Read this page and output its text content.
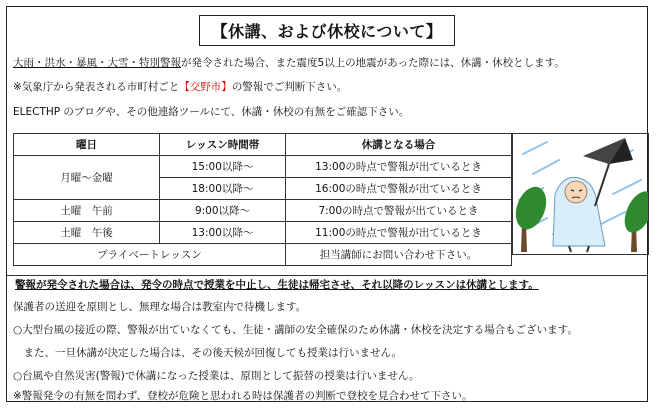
【休講、および休校について】
大雨・洪水・暴風・大雪・特別警報が発令された場合、また震度5以上の地震があった際には、休講・休校とします。
※気象庁から発表される市町村ごと【交野市】の警報でご判断下さい。
ELECTHP のブログや、その他連絡ツールにて、休講・休校の有無をご確認下さい。
曜日	レッスン時間帯	休講となる場合
月曜～金曜	15:00以降～	13:00の時点で警報が出ているとき
	18:00以降～	16:00の時点で警報が出ているとき
土曜　午前	9:00以降～	7:00の時点で警報が出ているとき
土曜　午後	13:00以降～	11:00の時点で警報が出ているとき
プライベートレッスン		担当講師にお問い合わせ下さい。
警報が発令された場合は、発令の時点で授業を中止し、生徒は帰宅させ、それ以降のレッスンは休講とします。
保護者の送迎を原則とし、無理な場合は教室内で待機します。
○大型台風の接近の際、警報が出ていなくても、生徒・講師の安全確保のため休講・休校を決定する場合もございます。
　また、一旦休講が決定した場合は、その後天候が回復しても授業は行いません。
○台風や自然災害(警報)で休講になった授業は、原則として振替の授業は行いません。
※警報発令の有無を問わず、登校が危険と思われる時は保護者の判断で登校を見合わせて下さい。
